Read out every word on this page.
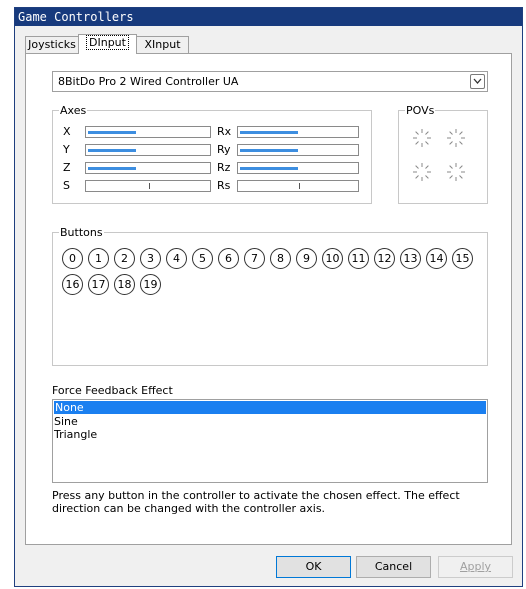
Game Controllers
Joysticks	DInput	XInput
8BitDo Pro 2 Wired Controller UA
Axes
X
Y
Z
S
Rx
Ry
Rz
Rs
POVs
Buttons
0	1	2	3	4	5	6	7	8	9	10	11	12	13	14	15
16	17	18	19
Force Feedback Effect
None
Sine
Triangle
Press any button in the controller to activate the chosen effect. The effect direction can be changed with the controller axis.
OK	Cancel	Apply
